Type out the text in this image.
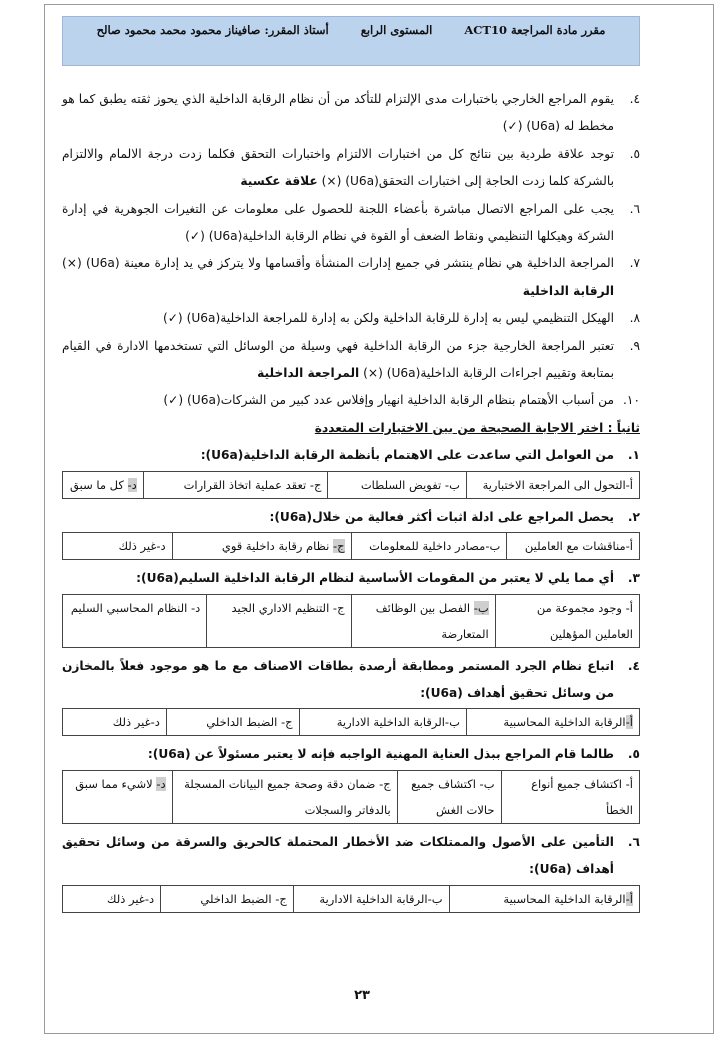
مقرر مادة المراجعة ACT10 المستوى الرابع أستاذ المقرر: صافيناز محمود محمد محمود صالح
٤.
يقوم المراجع الخارجي باختبارات مدى الإلتزام للتأكد من أن نظام الرقابة الداخلية الذي يحوز ثقته يطبق كما هو مخطط له (U6a) (✓)
٥.
توجد علاقة طردية بين نتائج كل من اختبارات الالتزام واختبارات التحقق فكلما زدت درجة الالمام والالتزام بالشركة كلما زدت الحاجة إلى اختبارات التحقق(U6a) (×) علاقة عكسية
٦.
يجب على المراجع الاتصال مباشرة بأعضاء اللجنة للحصول على معلومات عن التغيرات الجوهرية في إدارة الشركة وهيكلها التنظيمي ونقاط الضعف أو القوة في نظام الرقابة الداخلية(U6a) (✓)
٧.
المراجعة الداخلية هي نظام ينتشر في جميع إدارات المنشأة وأقسامها ولا يتركز في يد إدارة معينة (U6a) (×) الرقابة الداخلية
٨.
الهيكل التنظيمي ليس به إدارة للرقابة الداخلية ولكن به إدارة للمراجعة الداخلية(U6a) (✓)
٩.
تعتبر المراجعة الخارجية جزء من الرقابة الداخلية فهي وسيلة من الوسائل التي تستخدمها الادارة في القيام بمتابعة وتقييم اجراءات الرقابة الداخلية(U6a) (×) المراجعة الداخلية
١٠.
من أسباب الأهتمام بنظام الرقابة الداخلية انهيار وإفلاس عدد كبير من الشركات(U6a) (✓)
ثانياً : اختر الاجابة الصحيحة من بين الاختيارات المتعددة
١.
من العوامل التي ساعدت على الاهتمام بأنظمة الرقابة الداخلية(U6a):
أ-التحول الى المراجعة الاختبارية	ب- تفويض السلطات	ج- تعقد عملية اتخاذ القرارات	د- كل ما سبق
٢.
يحصل المراجع على ادلة اثبات أكثر فعالية من خلال(U6a):
أ-مناقشات مع العاملين	ب-مصادر داخلية للمعلومات	ج- نظام رقابة داخلية قوي	د-غير ذلك
٣.
أي مما يلي لا يعتبر من المقومات الأساسية لنظام الرقابة الداخلية السليم(U6a):
أ- وجود مجموعة من العاملين المؤهلين	ب- الفصل بين الوظائف المتعارضة	ج- التنظيم الاداري الجيد	د- النظام المحاسبي السليم
٤.
اتباع نظام الجرد المستمر ومطابقة أرصدة بطاقات الاصناف مع ما هو موجود فعلاً بالمخازن من وسائل تحقيق أهداف (U6a):
أ-الرقابة الداخلية المحاسبية	ب-الرقابة الداخلية الادارية	ج- الضبط الداخلي	د-غير ذلك
٥.
طالما قام المراجع ببذل العناية المهنية الواجبه فإنه لا يعتبر مسئولاً عن (U6a):
أ- اكتشاف جميع أنواع الخطأ	ب- اكتشاف جميع حالات الغش	ج- ضمان دقة وصحة جميع البيانات المسجلة بالدفاتر والسجلات	د- لاشيء مما سبق
٦.
التأمين على الأصول والممتلكات ضد الأخطار المحتملة كالحريق والسرقة من وسائل تحقيق أهداف (U6a):
أ-الرقابة الداخلية المحاسبية	ب-الرقابة الداخلية الادارية	ج- الضبط الداخلي	د-غير ذلك
٢٣
